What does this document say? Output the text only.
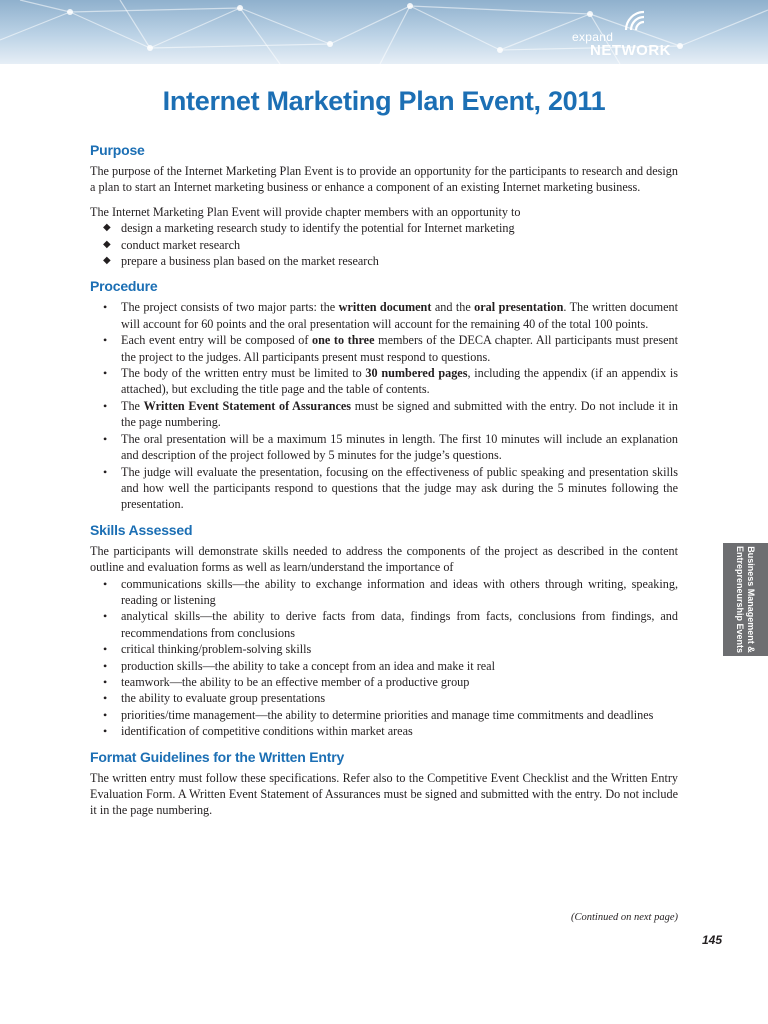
expand
NETWORK
Internet Marketing Plan Event, 2011
Purpose

The purpose of the Internet Marketing Plan Event is to provide an opportunity for the participants to research and design a plan to start an Internet marketing business or enhance a component of an existing Internet marketing business.

The Internet Marketing Plan Event will provide chapter members with an opportunity to

◆ design a marketing research study to identify the potential for Internet marketing
◆ conduct market research
◆ prepare a business plan based on the market research
Procedure
• The project consists of two major parts: the written document and the oral presentation. The written document will account for 60 points and the oral presentation will account for the remaining 40 of the total 100 points.
• Each event entry will be composed of one to three members of the DECA chapter. All participants must present the project to the judges. All participants present must respond to questions.
• The body of the written entry must be limited to 30 numbered pages, including the appendix (if an appendix is attached), but excluding the title page and the table of contents.
• The Written Event Statement of Assurances must be signed and submitted with the entry. Do not include it in the page numbering.
• The oral presentation will be a maximum 15 minutes in length. The first 10 minutes will include an explanation and description of the project followed by 5 minutes for the judge’s questions.
• The judge will evaluate the presentation, focusing on the effectiveness of public speaking and presentation skills and how well the participants respond to questions that the judge may ask during the 5 minutes following the presentation.
Skills Assessed

The participants will demonstrate skills needed to address the components of the project as described in the content outline and evaluation forms as well as learn/understand the importance of

• communications skills—the ability to exchange information and ideas with others through writing, speaking, reading or listening
• analytical skills—the ability to derive facts from data, findings from facts, conclusions from findings, and recommendations from conclusions
• critical thinking/problem-solving skills
• production skills—the ability to take a concept from an idea and make it real
• teamwork—the ability to be an effective member of a productive group
• the ability to evaluate group presentations
• priorities/time management—the ability to determine priorities and manage time commitments and deadlines
• identification of competitive conditions within market areas
Format Guidelines for the Written Entry

The written entry must follow these specifications. Refer also to the Competitive Event Checklist and the Written Entry Evaluation Form. A Written Event Statement of Assurances must be signed and submitted with the entry. Do not include it in the page numbering.

Business Management &
Entrepreneurship Events
(Continued on next page)
145
